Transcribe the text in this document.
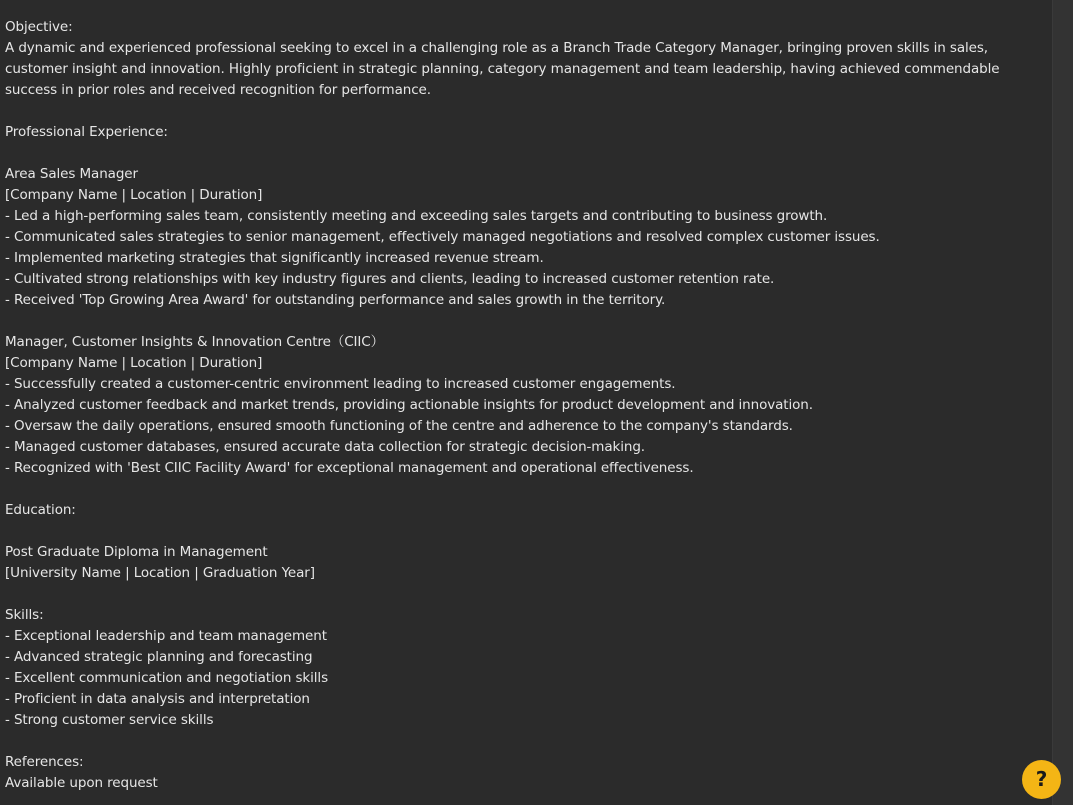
Objective:
A dynamic and experienced professional seeking to excel in a challenging role as a Branch Trade Category Manager, bringing proven skills in sales, customer insight and innovation. Highly proficient in strategic planning, category management and team leadership, having achieved commendable success in prior roles and received recognition for performance.
Professional Experience:
Area Sales Manager
[Company Name | Location | Duration]
- Led a high-performing sales team, consistently meeting and exceeding sales targets and contributing to business growth.
- Communicated sales strategies to senior management, effectively managed negotiations and resolved complex customer issues.
- Implemented marketing strategies that significantly increased revenue stream.
- Cultivated strong relationships with key industry figures and clients, leading to increased customer retention rate.
- Received 'Top Growing Area Award' for outstanding performance and sales growth in the territory.
Manager, Customer Insights & Innovation Centre（CIIC）
[Company Name | Location | Duration]
- Successfully created a customer-centric environment leading to increased customer engagements.
- Analyzed customer feedback and market trends, providing actionable insights for product development and innovation.
- Oversaw the daily operations, ensured smooth functioning of the centre and adherence to the company's standards.
- Managed customer databases, ensured accurate data collection for strategic decision-making.
- Recognized with 'Best CIIC Facility Award' for exceptional management and operational effectiveness.
Education:
Post Graduate Diploma in Management
[University Name | Location | Graduation Year]
Skills:
- Exceptional leadership and team management
- Advanced strategic planning and forecasting
- Excellent communication and negotiation skills
- Proficient in data analysis and interpretation
- Strong customer service skills
References:
Available upon request	?
